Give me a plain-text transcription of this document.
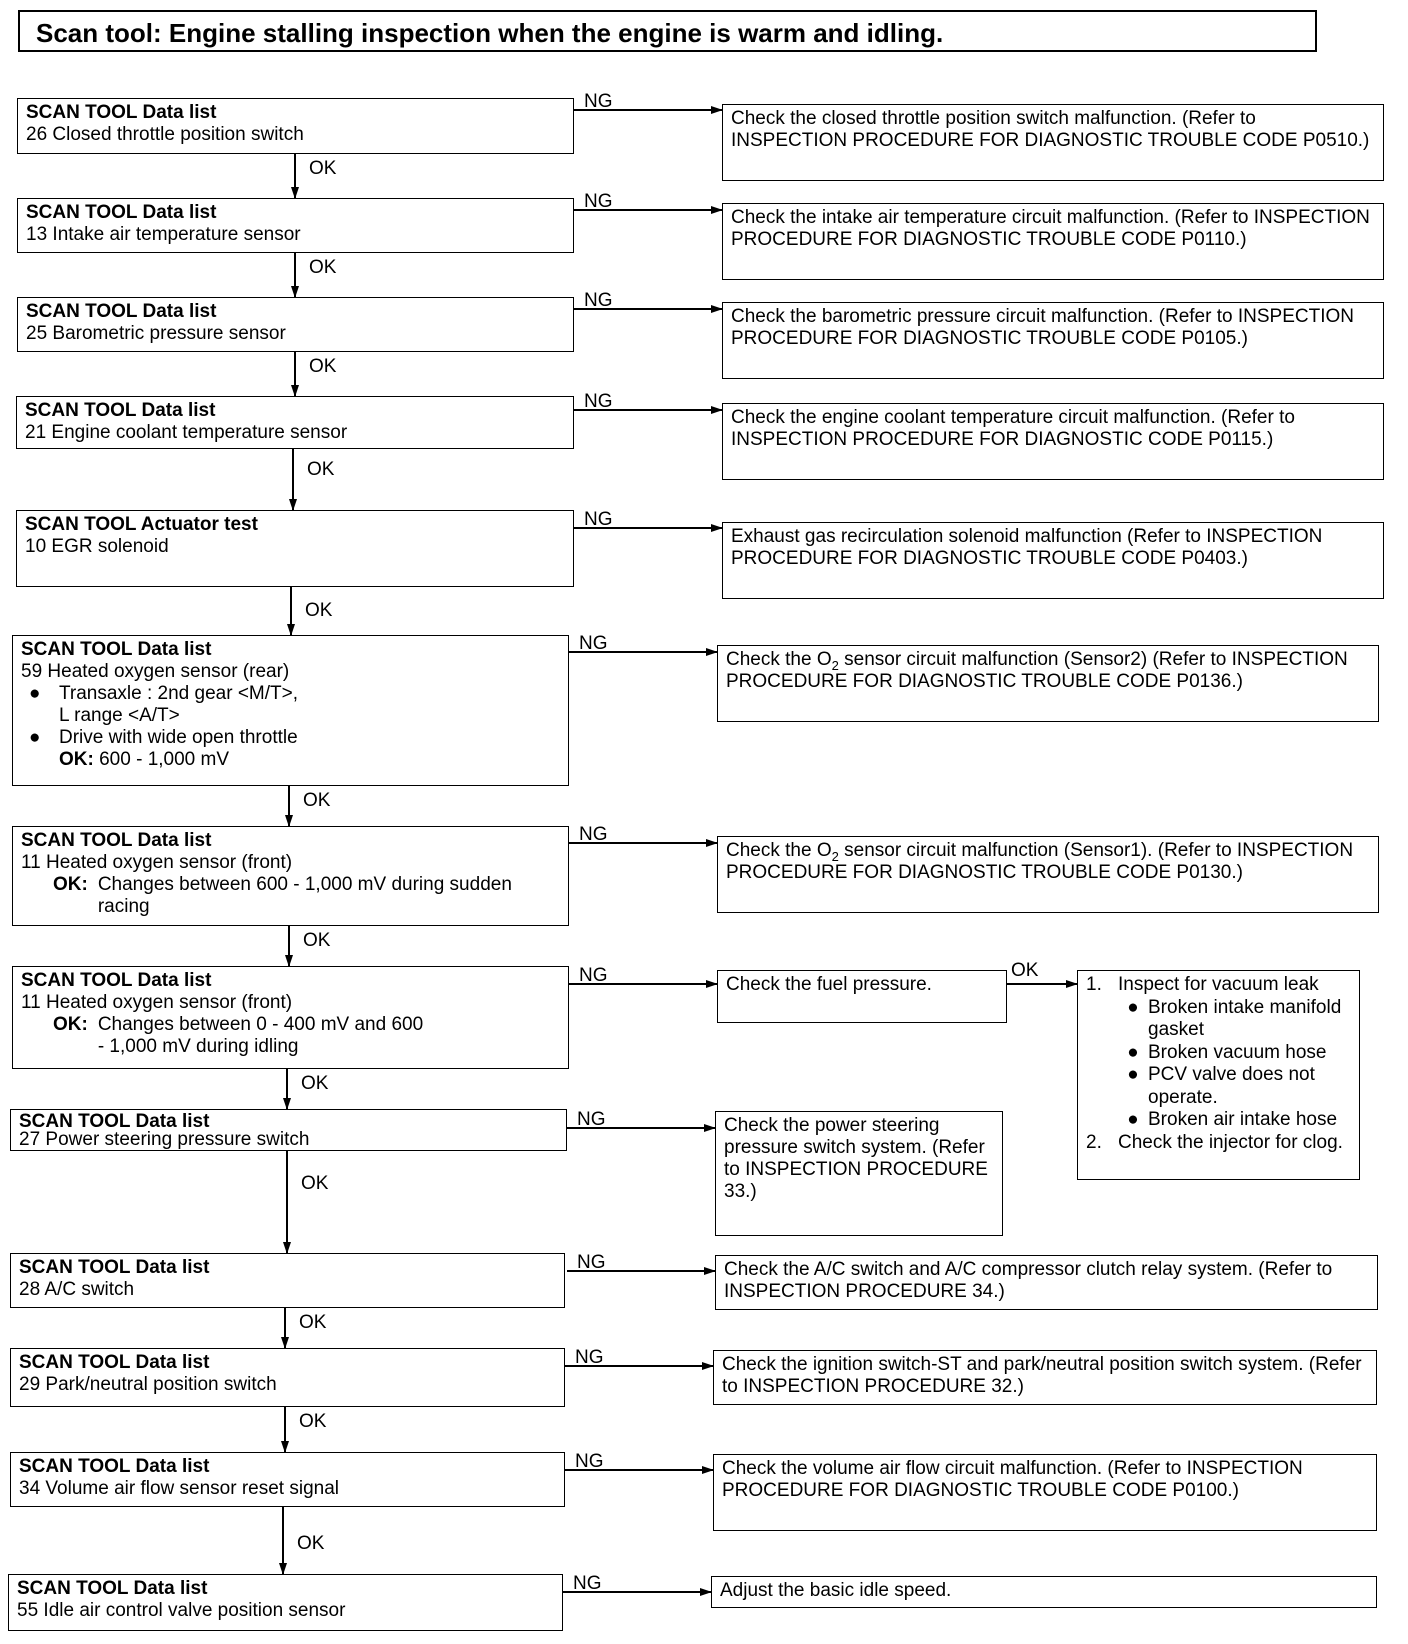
Scan tool: Engine stalling inspection when the engine is warm and idling.
SCAN TOOL Data list
26 Closed throttle position switch
SCAN TOOL Data list
13 Intake air temperature sensor
SCAN TOOL Data list
25 Barometric pressure sensor
SCAN TOOL Data list
21 Engine coolant temperature sensor
SCAN TOOL Actuator test
10 EGR solenoid
SCAN TOOL Data list
59 Heated oxygen sensor (rear)
● Transaxle : 2nd gear <M/T>,
L range <A/T>
● Drive with wide open throttle
OK: 600 - 1,000 mV
SCAN TOOL Data list
11 Heated oxygen sensor (front)
OK: Changes between 600 - 1,000 mV during sudden racing
SCAN TOOL Data list
11 Heated oxygen sensor (front)
OK: Changes between 0 - 400 mV and 600 - 1,000 mV during idling
SCAN TOOL Data list
27 Power steering pressure switch
SCAN TOOL Data list
28 A/C switch
SCAN TOOL Data list
29 Park/neutral position switch
SCAN TOOL Data list
34 Volume air flow sensor reset signal
SCAN TOOL Data list
55 Idle air control valve position sensor
NG
NG
NG
NG
NG
NG
NG
NG
NG
NG
NG
NG
NG
OK
OK
OK
OK
OK
OK
OK
OK
OK
OK
OK
OK
OK
Check the closed throttle position switch malfunction. (Refer to INSPECTION PROCEDURE FOR DIAGNOSTIC TROUBLE CODE P0510.)
Check the intake air temperature circuit malfunction. (Refer to INSPECTION PROCEDURE FOR DIAGNOSTIC TROUBLE CODE P0110.)
Check the barometric pressure circuit malfunction. (Refer to INSPECTION PROCEDURE FOR DIAGNOSTIC TROUBLE CODE P0105.)
Check the engine coolant temperature circuit malfunction. (Refer to INSPECTION PROCEDURE FOR DIAGNOSTIC CODE P0115.)
Exhaust gas recirculation solenoid malfunction (Refer to INSPECTION PROCEDURE FOR DIAGNOSTIC TROUBLE CODE P0403.)
Check the $O_2$ sensor circuit malfunction (Sensor2) (Refer to INSPECTION PROCEDURE FOR DIAGNOSTIC TROUBLE CODE P0136.)
Check the $O_2$ sensor circuit malfunction (Sensor1). (Refer to INSPECTION PROCEDURE FOR DIAGNOSTIC TROUBLE CODE P0130.)
Check the fuel pressure.
Check the power steering pressure switch system. (Refer to INSPECTION PROCEDURE 33.)
Check the A/C switch and A/C compressor clutch relay system. (Refer to INSPECTION PROCEDURE 34.)
Check the ignition switch-ST and park/neutral position switch system. (Refer to INSPECTION PROCEDURE 32.)
Check the volume air flow circuit malfunction. (Refer to INSPECTION PROCEDURE FOR DIAGNOSTIC TROUBLE CODE P0100.)
Adjust the basic idle speed.
1. Inspect for vacuum leak
● Broken intake manifold gasket
● Broken vacuum hose
● PCV valve does not operate.
● Broken air intake hose
2. Check the injector for clog.
